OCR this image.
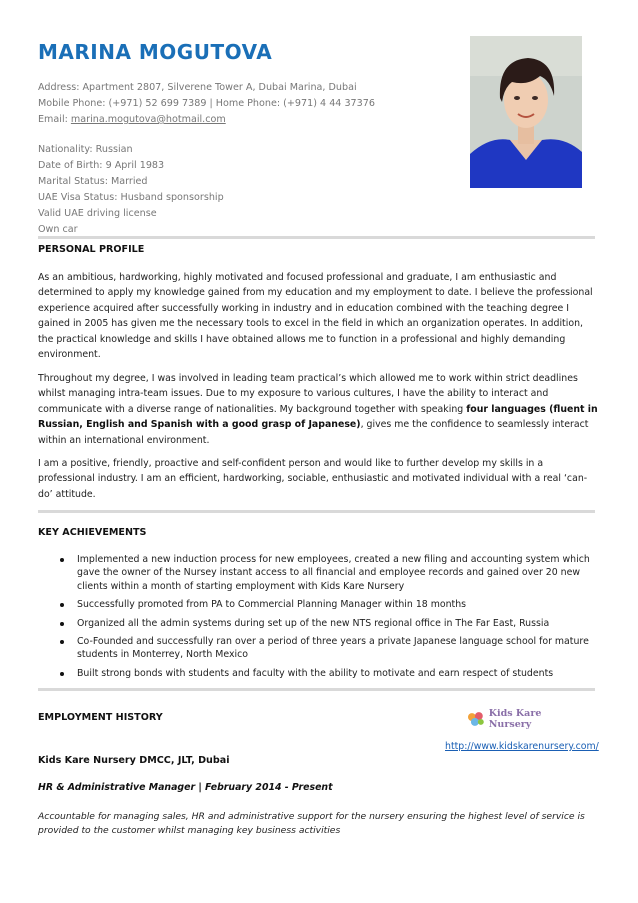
MARINA MOGUTOVA
Address: Apartment 2807, Silverene Tower A, Dubai Marina, Dubai
Mobile Phone: (+971) 52 699 7389 | Home Phone: (+971) 4 44 37376
Email: marina.mogutova@hotmail.com
Nationality: Russian
Date of Birth: 9 April 1983
Marital Status: Married
UAE Visa Status: Husband sponsorship
Valid UAE driving license
Own car
PERSONAL PROFILE
As an ambitious, hardworking, highly motivated and focused professional and graduate, I am enthusiastic and determined to apply my knowledge gained from my education and my employment to date. I believe the professional experience acquired after successfully working in industry and in education combined with the teaching degree I gained in 2005 has given me the necessary tools to excel in the field in which an organization operates. In addition, the practical knowledge and skills I have obtained allows me to function in a professional and highly demanding environment.
Throughout my degree, I was involved in leading team practical’s which allowed me to work within strict deadlines whilst managing intra-team issues. Due to my exposure to various cultures, I have the ability to interact and communicate with a diverse range of nationalities. My background together with speaking four languages (fluent in Russian, English and Spanish with a good grasp of Japanese), gives me the confidence to seamlessly interact within an international environment.
I am a positive, friendly, proactive and self-confident person and would like to further develop my skills in a professional industry. I am an efficient, hardworking, sociable, enthusiastic and motivated individual with a real ‘can-do’ attitude.
KEY ACHIEVEMENTS
Implemented a new induction process for new employees, created a new filing and accounting system which gave the owner of the Nursey instant access to all financial and employee records and gained over 20 new clients within a month of starting employment with Kids Kare Nursery
Successfully promoted from PA to Commercial Planning Manager within 18 months
Organized all the admin systems during set up of the new NTS regional office in The Far East, Russia
Co-Founded and successfully ran over a period of three years a private Japanese language school for mature students in Monterrey, North Mexico
Built strong bonds with students and faculty with the ability to motivate and earn respect of students
EMPLOYMENT HISTORY	Kids Kare Nursery
http://www.kidskarenursery.com/
Kids Kare Nursery DMCC, JLT, Dubai
HR & Administrative Manager | February 2014 - Present
Accountable for managing sales, HR and administrative support for the nursery ensuring the highest level of service is provided to the customer whilst managing key business activities
